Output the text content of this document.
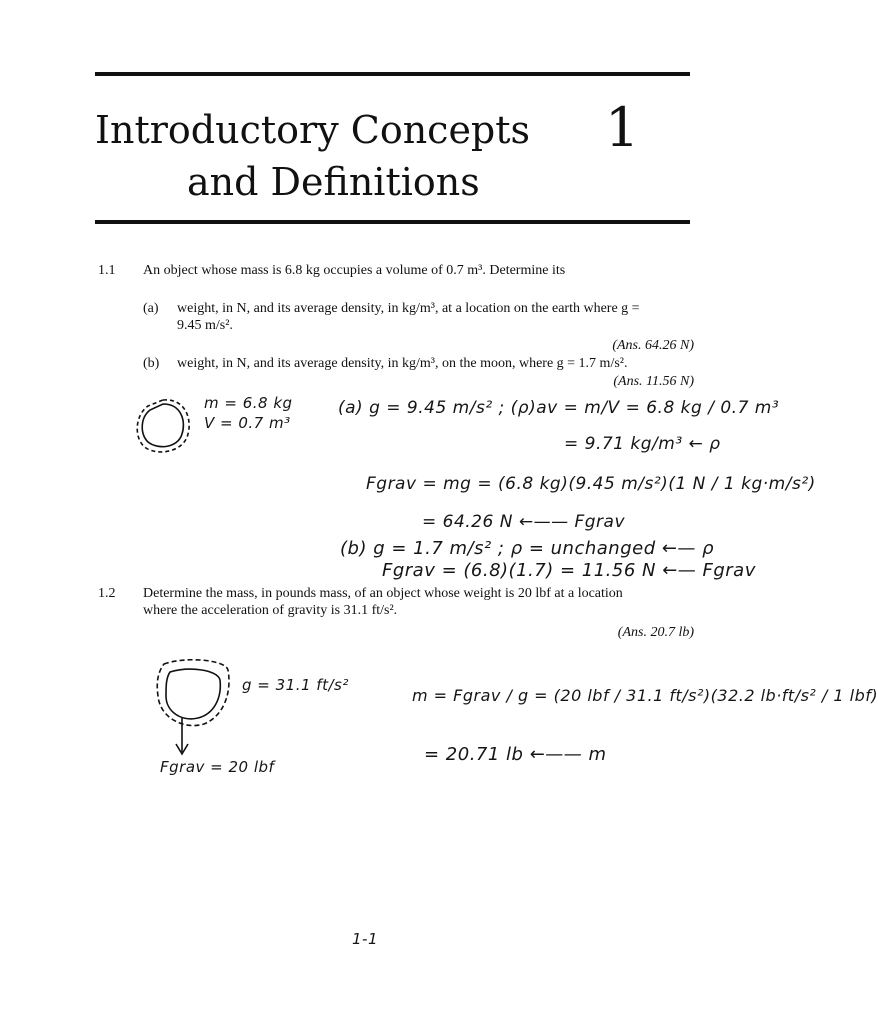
Introductory Concepts
and Definitions
1
1.1 An object whose mass is 6.8 kg occupies a volume of 0.7 m³. Determine its
(a) weight, in N, and its average density, in kg/m³, at a location on the earth where g =
9.45 m/s².
(Ans. 64.26 N)
(b) weight, in N, and its average density, in kg/m³, on the moon, where g = 1.7 m/s².
(Ans. 11.56 N)
m = 6.8 kg
V = 0.7 m³
(a) g = 9.45 m/s² ; (ρ)av = m/V = 6.8 kg / 0.7 m³
= 9.71 kg/m³ ← ρ
Fgrav = mg = (6.8 kg)(9.45 m/s²)(1 N / 1 kg·m/s²)
= 64.26 N ←—— Fgrav
(b) g = 1.7 m/s² ; ρ = unchanged ←— ρ
Fgrav = (6.8)(1.7) = 11.56 N ←— Fgrav
1.2 Determine the mass, in pounds mass, of an object whose weight is 20 lbf at a location
where the acceleration of gravity is 31.1 ft/s².
(Ans. 20.7 lb)
g = 31.1 ft/s²
Fgrav = 20 lbf
m = Fgrav / g = (20 lbf / 31.1 ft/s²)(32.2 lb·ft/s² / 1 lbf)
= 20.71 lb ←—— m
1-1
